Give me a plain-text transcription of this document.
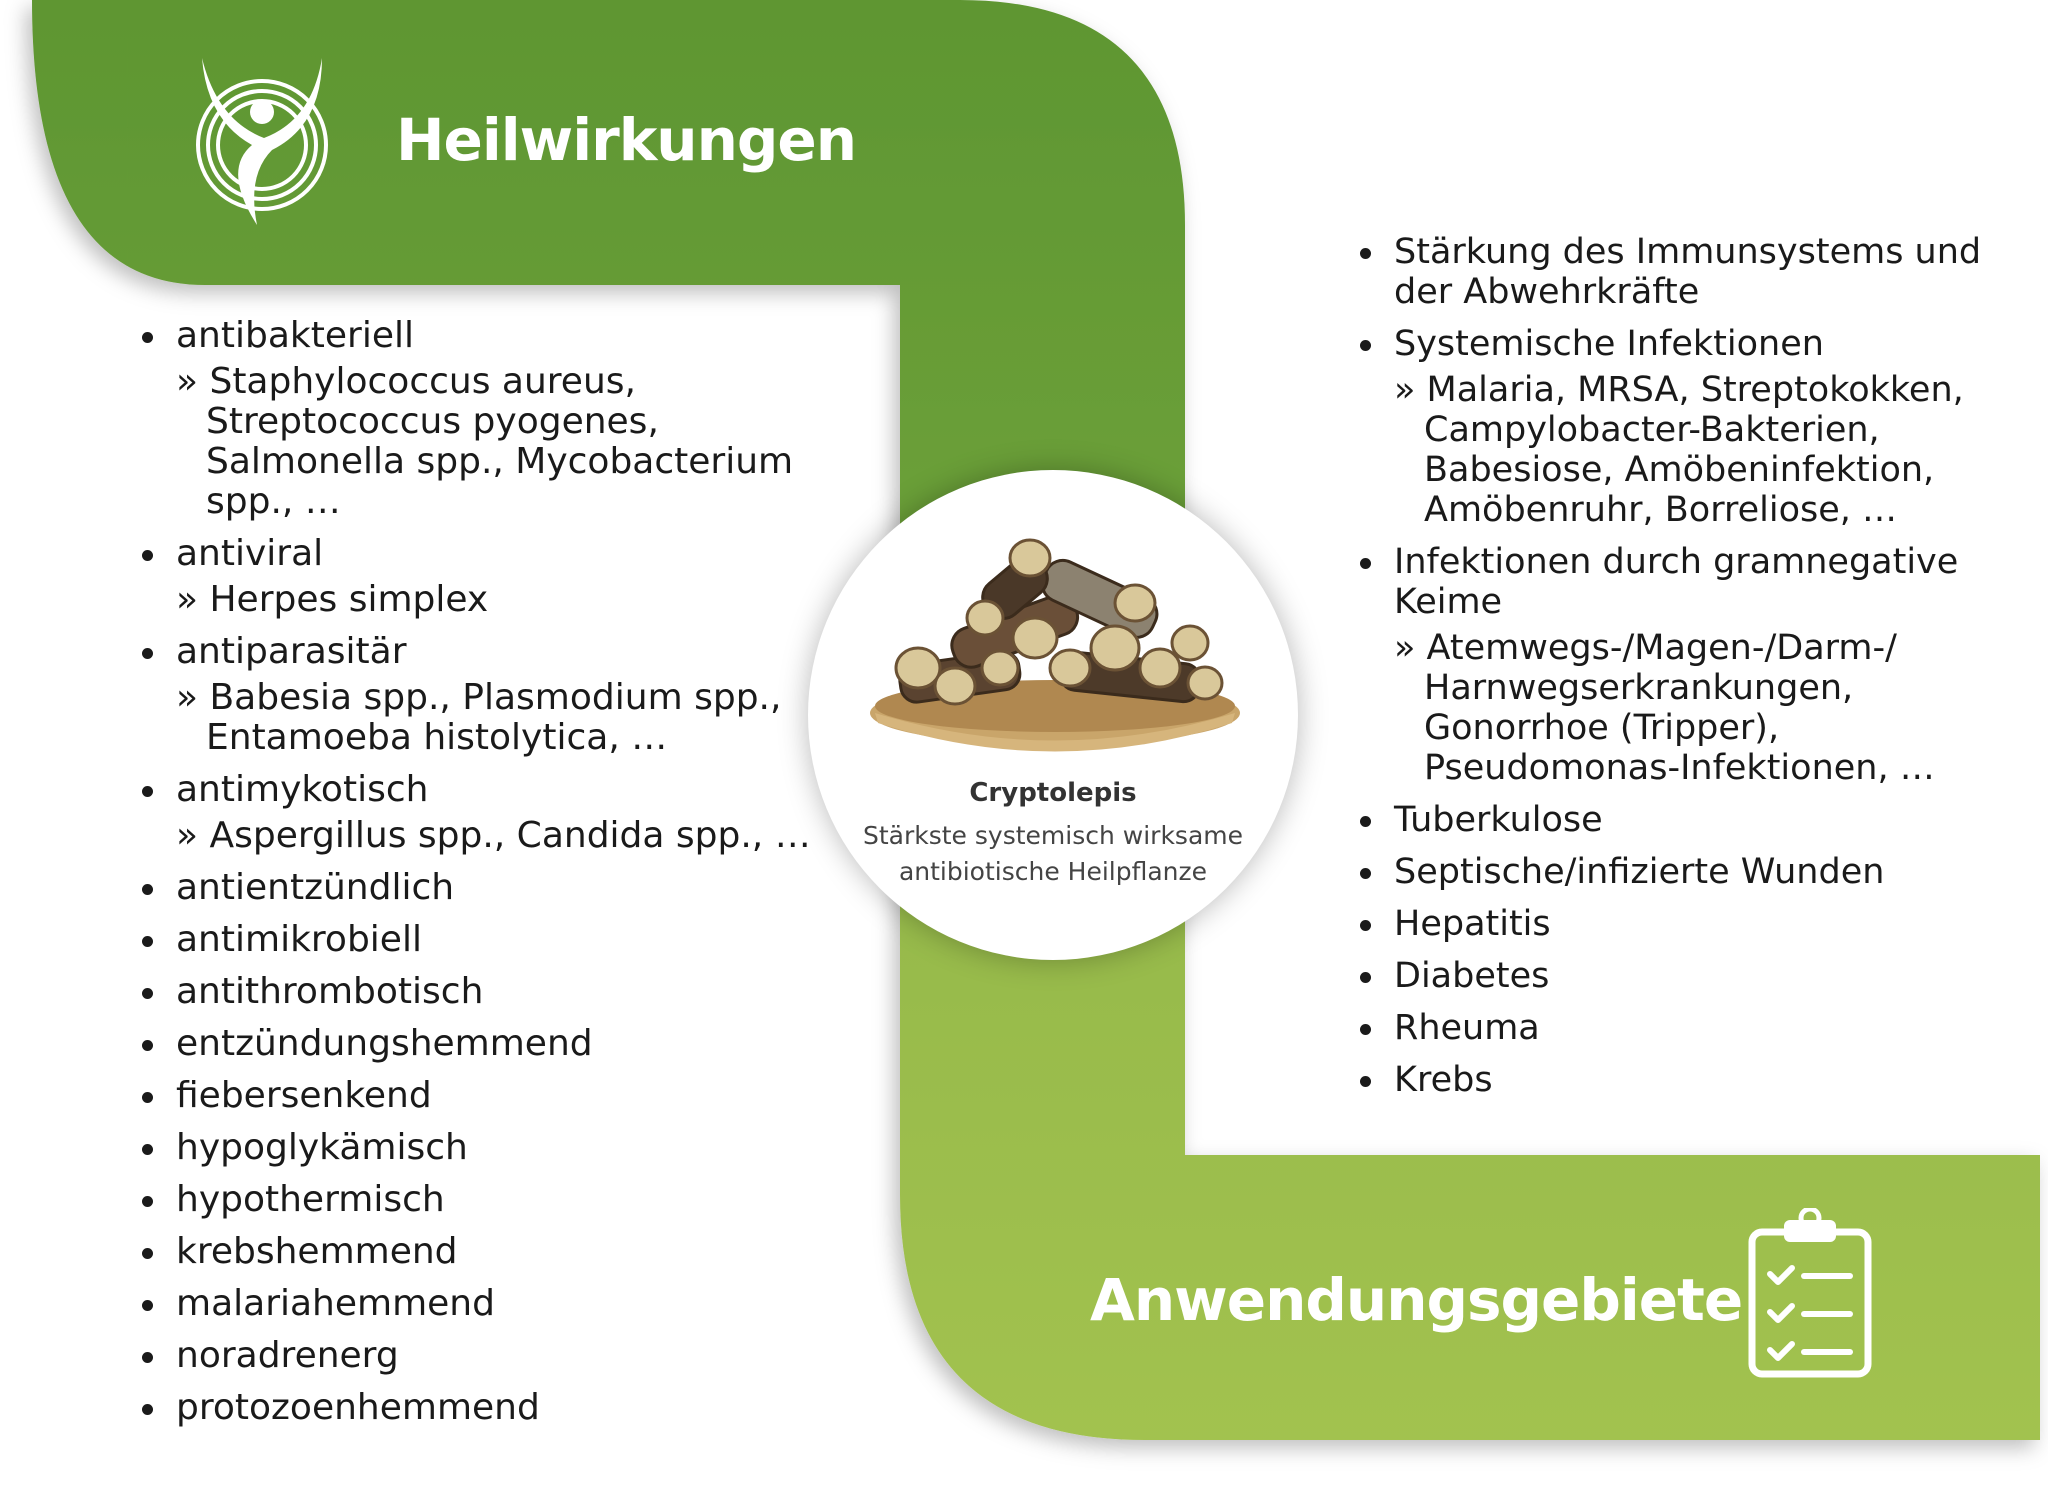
Heilwirkungen
antibakteriell
» Staphylococcus aureus, Streptococcus pyogenes, Salmonella spp., Mycobacterium spp., …
antiviral
» Herpes simplex
antiparasitär
» Babesia spp., Plasmodium spp., Entamoeba histolytica, …
antimykotisch
» Aspergillus spp., Candida spp., …
antientzündlich
antimikrobiell
antithrombotisch
entzündungshemmend
fiebersenkend
hypoglykämisch
hypothermisch
krebshemmend
malariahemmend
noradrenerg
protozoenhemmend
Stärkung des Immunsystems und der Abwehrkräfte
Systemische Infektionen
» Malaria, MRSA, Streptokokken, Campylobacter-Bakterien, Babesiose, Amöbeninfektion, Amöbenruhr, Borreliose, …
Infektionen durch gramnegative Keime
» Atemwegs-/Magen-/Darm-/ Harnwegserkrankungen, Gonorrhoe (Tripper), Pseudomonas-Infektionen, …
Tuberkulose
Septische/infizierte Wunden
Hepatitis
Diabetes
Rheuma
Krebs
Cryptolepis
Stärkste systemisch wirksame antibiotische Heilpflanze
Anwendungsgebiete
